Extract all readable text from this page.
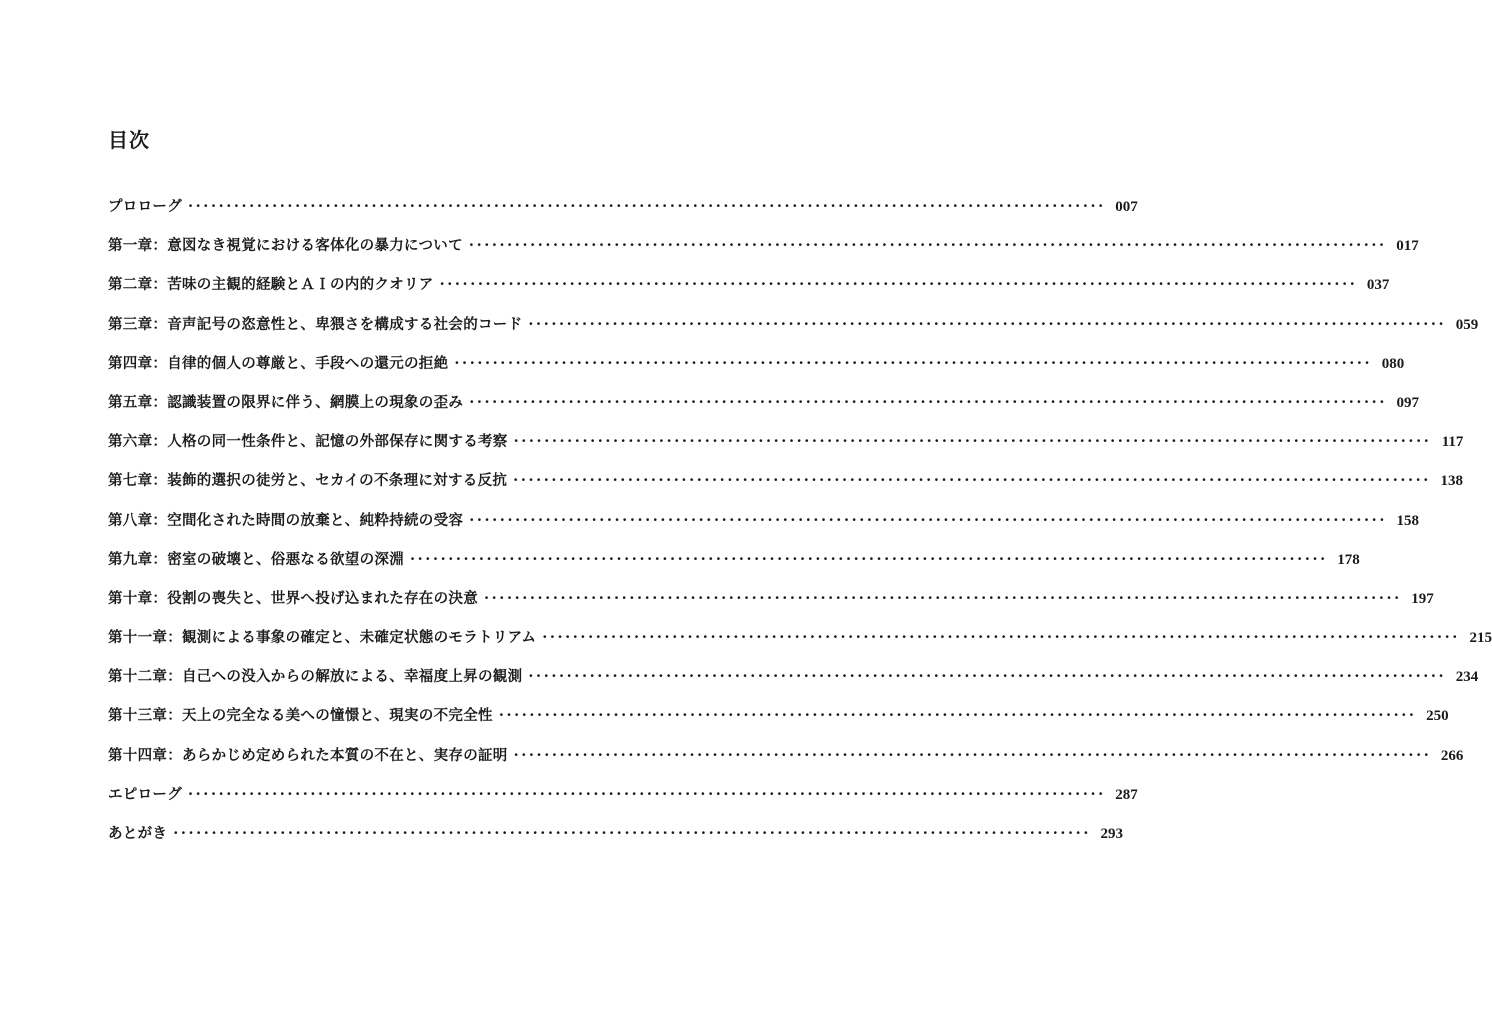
目次
プロローグ ························································································································ 007
第一章：意図なき視覚における客体化の暴力について ························································································································ 017
第二章：苦味の主観的経験とＡＩの内的クオリア ························································································································ 037
第三章：音声記号の恣意性と、卑猥さを構成する社会的コード ························································································································ 059
第四章：自律的個人の尊厳と、手段への還元の拒絶 ························································································································ 080
第五章：認識装置の限界に伴う、網膜上の現象の歪み ························································································································ 097
第六章：人格の同一性条件と、記憶の外部保存に関する考察 ························································································································ 117
第七章：装飾的選択の徒労と、セカイの不条理に対する反抗 ························································································································ 138
第八章：空間化された時間の放棄と、純粋持続の受容 ························································································································ 158
第九章：密室の破壊と、俗悪なる欲望の深淵 ························································································································ 178
第十章：役割の喪失と、世界へ投げ込まれた存在の決意 ························································································································ 197
第十一章：観測による事象の確定と、未確定状態のモラトリアム ························································································································ 215
第十二章：自己への没入からの解放による、幸福度上昇の観測 ························································································································ 234
第十三章：天上の完全なる美への憧憬と、現実の不完全性 ························································································································ 250
第十四章：あらかじめ定められた本質の不在と、実存の証明 ························································································································ 266
エピローグ ························································································································ 287
あとがき ························································································································ 293
